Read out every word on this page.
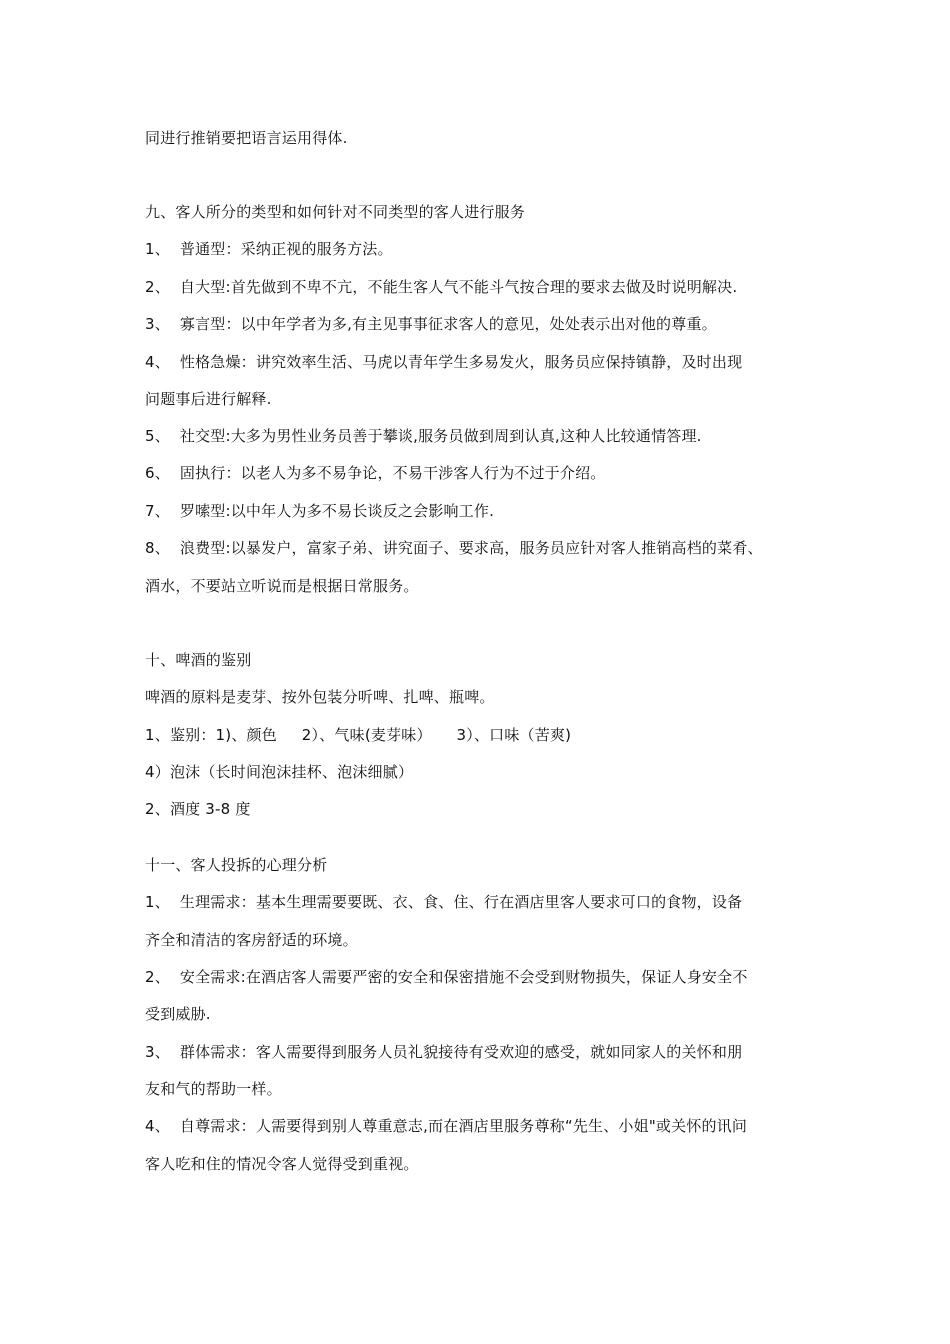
同进行推销要把语言运用得体.
九、客人所分的类型和如何针对不同类型的客人进行服务
1、  普通型：采纳正视的服务方法。
2、  自大型:首先做到不卑不亢，不能生客人气不能斗气按合理的要求去做及时说明解决.
3、  寡言型：以中年学者为多,有主见事事征求客人的意见，处处表示出对他的尊重。
4、  性格急燥：讲究效率生活、马虎以青年学生多易发火，服务员应保持镇静，及时出现
问题事后进行解释.
5、  社交型:大多为男性业务员善于攀谈,服务员做到周到认真,这种人比较通情答理.
6、  固执行：以老人为多不易争论，不易干涉客人行为不过于介绍。
7、  罗嗦型:以中年人为多不易长谈反之会影响工作.
8、  浪费型:以暴发户，富家子弟、讲究面子、要求高，服务员应针对客人推销高档的菜肴、
酒水，不要站立听说而是根据日常服务。
十、啤酒的鉴别
啤酒的原料是麦芽、按外包装分听啤、扎啤、瓶啤。
1、鉴别：1)、颜色     2）、气味(麦芽味）     3）、口味（苦爽)
4）泡沫（长时间泡沫挂杯、泡沫细腻）
2、酒度 3-8 度
十一、客人投拆的心理分析
1、  生理需求：基本生理需要要既、衣、食、住、行在酒店里客人要求可口的食物，设备
齐全和清洁的客房舒适的环境。
2、  安全需求:在酒店客人需要严密的安全和保密措施不会受到财物损失，保证人身安全不
受到威胁.
3、  群体需求：客人需要得到服务人员礼貌接待有受欢迎的感受，就如同家人的关怀和朋
友和气的帮助一样。
4、  自尊需求：人需要得到别人尊重意志,而在酒店里服务尊称“先生、小姐"或关怀的讯问
客人吃和住的情况令客人觉得受到重视。
